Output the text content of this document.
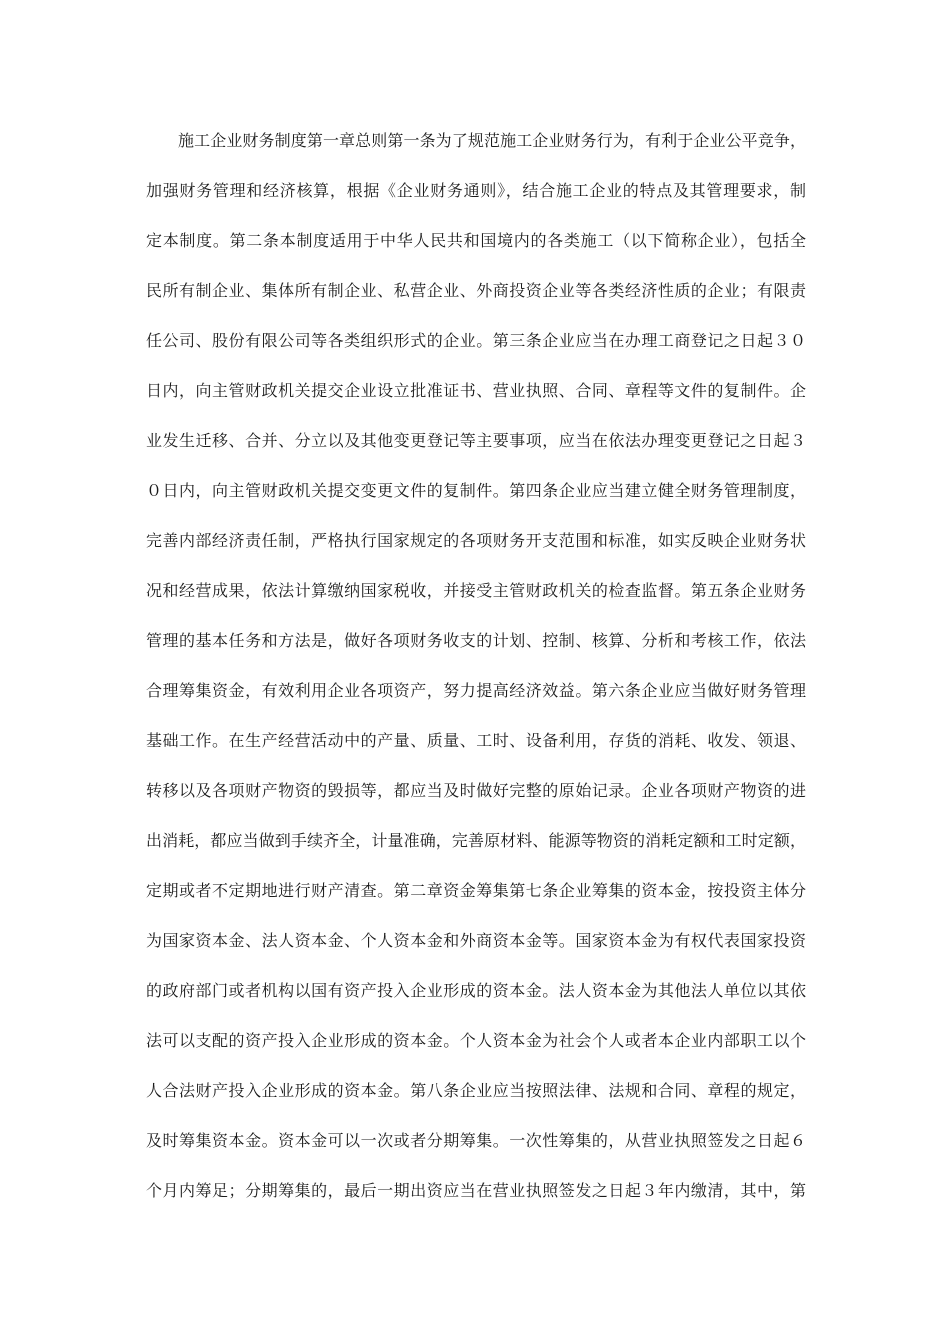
施工企业财务制度第一章总则第一条为了规范施工企业财务行为，有利于企业公平竞争，
加强财务管理和经济核算，根据《企业财务通则》，结合施工企业的特点及其管理要求，制
定本制度。第二条本制度适用于中华人民共和国境内的各类施工（以下简称企业），包括全
民所有制企业、集体所有制企业、私营企业、外商投资企业等各类经济性质的企业；有限责
任公司、股份有限公司等各类组织形式的企业。第三条企业应当在办理工商登记之日起３０
日内，向主管财政机关提交企业设立批准证书、营业执照、合同、章程等文件的复制件。企
业发生迁移、合并、分立以及其他变更登记等主要事项，应当在依法办理变更登记之日起３
０日内，向主管财政机关提交变更文件的复制件。第四条企业应当建立健全财务管理制度，
完善内部经济责任制，严格执行国家规定的各项财务开支范围和标准，如实反映企业财务状
况和经营成果，依法计算缴纳国家税收，并接受主管财政机关的检查监督。第五条企业财务
管理的基本任务和方法是，做好各项财务收支的计划、控制、核算、分析和考核工作，依法
合理筹集资金，有效利用企业各项资产，努力提高经济效益。第六条企业应当做好财务管理
基础工作。在生产经营活动中的产量、质量、工时、设备利用，存货的消耗、收发、领退、
转移以及各项财产物资的毁损等，都应当及时做好完整的原始记录。企业各项财产物资的进
出消耗，都应当做到手续齐全，计量准确，完善原材料、能源等物资的消耗定额和工时定额，
定期或者不定期地进行财产清查。第二章资金筹集第七条企业筹集的资本金，按投资主体分
为国家资本金、法人资本金、个人资本金和外商资本金等。国家资本金为有权代表国家投资
的政府部门或者机构以国有资产投入企业形成的资本金。法人资本金为其他法人单位以其依
法可以支配的资产投入企业形成的资本金。个人资本金为社会个人或者本企业内部职工以个
人合法财产投入企业形成的资本金。第八条企业应当按照法律、法规和合同、章程的规定，
及时筹集资本金。资本金可以一次或者分期筹集。一次性筹集的，从营业执照签发之日起６
个月内筹足；分期筹集的，最后一期出资应当在营业执照签发之日起３年内缴清，其中，第
